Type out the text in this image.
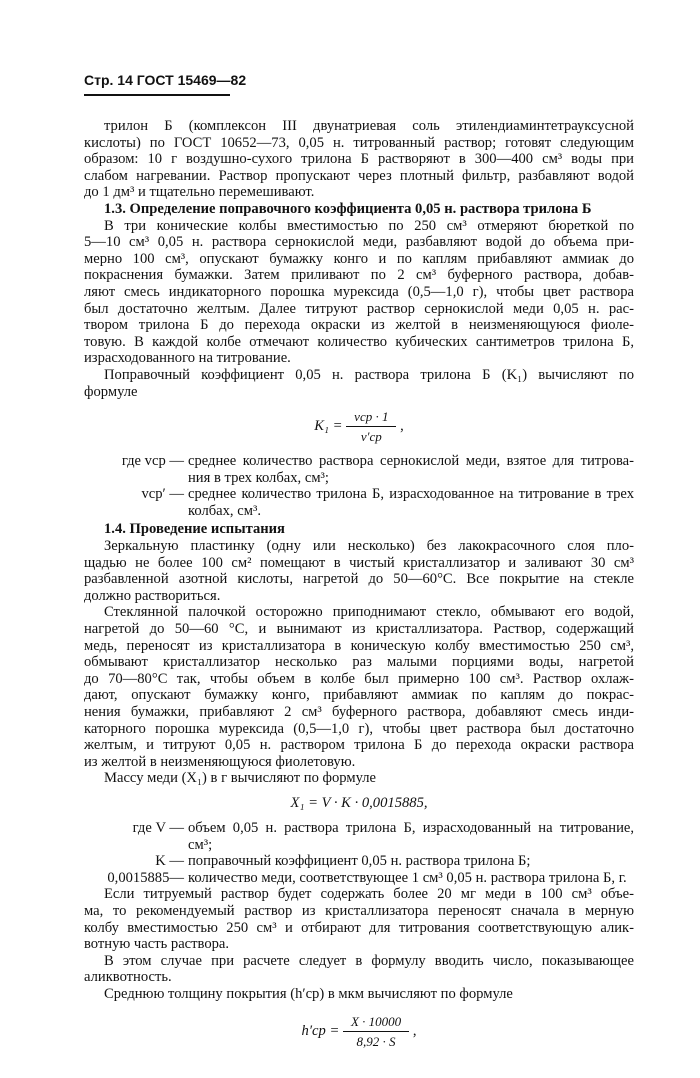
Стр. 14 ГОСТ 15469—82
трилон Б (комплексон III двунатриевая соль этилендиаминтетрауксусной
кислоты) по ГОСТ 10652—73, 0,05 н. титрованный раствор; готовят следующим
образом: 10 г воздушно-сухого трилона Б растворяют в 300—400 см³ воды при
слабом нагревании. Раствор пропускают через плотный фильтр, разбавляют водой
до 1 дм³ и тщательно перемешивают.
1.3. Определение поправочного коэффициента 0,05 н. раствора трилона Б
В три конические колбы вместимостью по 250 см³ отмеряют бюреткой по
5—10 см³ 0,05 н. раствора сернокислой меди, разбавляют водой до объема при-
мерно 100 см³, опускают бумажку конго и по каплям прибавляют аммиак до
покраснения бумажки. Затем приливают по 2 см³ буферного раствора, добав-
ляют смесь индикаторного порошка мурексида (0,5—1,0 г), чтобы цвет раствора
был достаточно желтым. Далее титруют раствор сернокислой меди 0,05 н. рас-
твором трилона Б до перехода окраски из желтой в неизменяющуюся фиоле-
товую. В каждой колбе отмечают количество кубических сантиметров трилона Б,
израсходованного на титрование.
Поправочный коэффициент 0,05 н. раствора трилона Б (K₁) вычисляют по
формуле
$K_1 = \frac{\text{vср · 1}}{v'ср}$ ,
где vср — среднее количество раствора сернокислой меди, взятое для титрова-
ния в трех колбах, см³;
vср′ — среднее количество трилона Б, израсходованное на титрование в трех
колбах, см³.
1.4. Проведение испытания
Зеркальную пластинку (одну или несколько) без лакокрасочного слоя пло-
щадью не более 100 см² помещают в чистый кристаллизатор и заливают 30 см³
разбавленной азотной кислоты, нагретой до 50—60°С. Все покрытие на стекле
должно раствориться.
Стеклянной палочкой осторожно приподнимают стекло, обмывают его водой,
нагретой до 50—60 °С, и вынимают из кристаллизатора. Раствор, содержащий
медь, переносят из кристаллизатора в коническую колбу вместимостью 250 см³,
обмывают кристаллизатор несколько раз малыми порциями воды, нагретой
до 70—80°С так, чтобы объем в колбе был примерно 100 см³. Раствор охлаж-
дают, опускают бумажку конго, прибавляют аммиак по каплям до покрас-
нения бумажки, прибавляют 2 см³ буферного раствора, добавляют смесь инди-
каторного порошка мурексида (0,5—1,0 г), чтобы цвет раствора был достаточно
желтым, и титруют 0,05 н. раствором трилона Б до перехода окраски раствора
из желтой в неизменяющуюся фиолетовую.
Массу меди (X₁) в г вычисляют по формуле
X₁ = V · K · 0,0015885,
где V — объем 0,05 н. раствора трилона Б, израсходованный на титрование,
см³;
K — поправочный коэффициент 0,05 н. раствора трилона Б;
0,0015885— количество меди, соответствующее 1 см³ 0,05 н. раствора трилона Б, г.
Если титруемый раствор будет содержать более 20 мг меди в 100 см³ объе-
ма, то рекомендуемый раствор из кристаллизатора переносят сначала в мерную
колбу вместимостью 250 см³ и отбирают для титрования соответствующую алик-
вотную часть раствора.
В этом случае при расчете следует в формулу вводить число, показывающее
аликвотность.
Среднюю толщину покрытия (h′ср) в мкм вычисляют по формуле
$h'ср = \frac{X \cdot 10000}{8,92 \cdot S}$ ,
